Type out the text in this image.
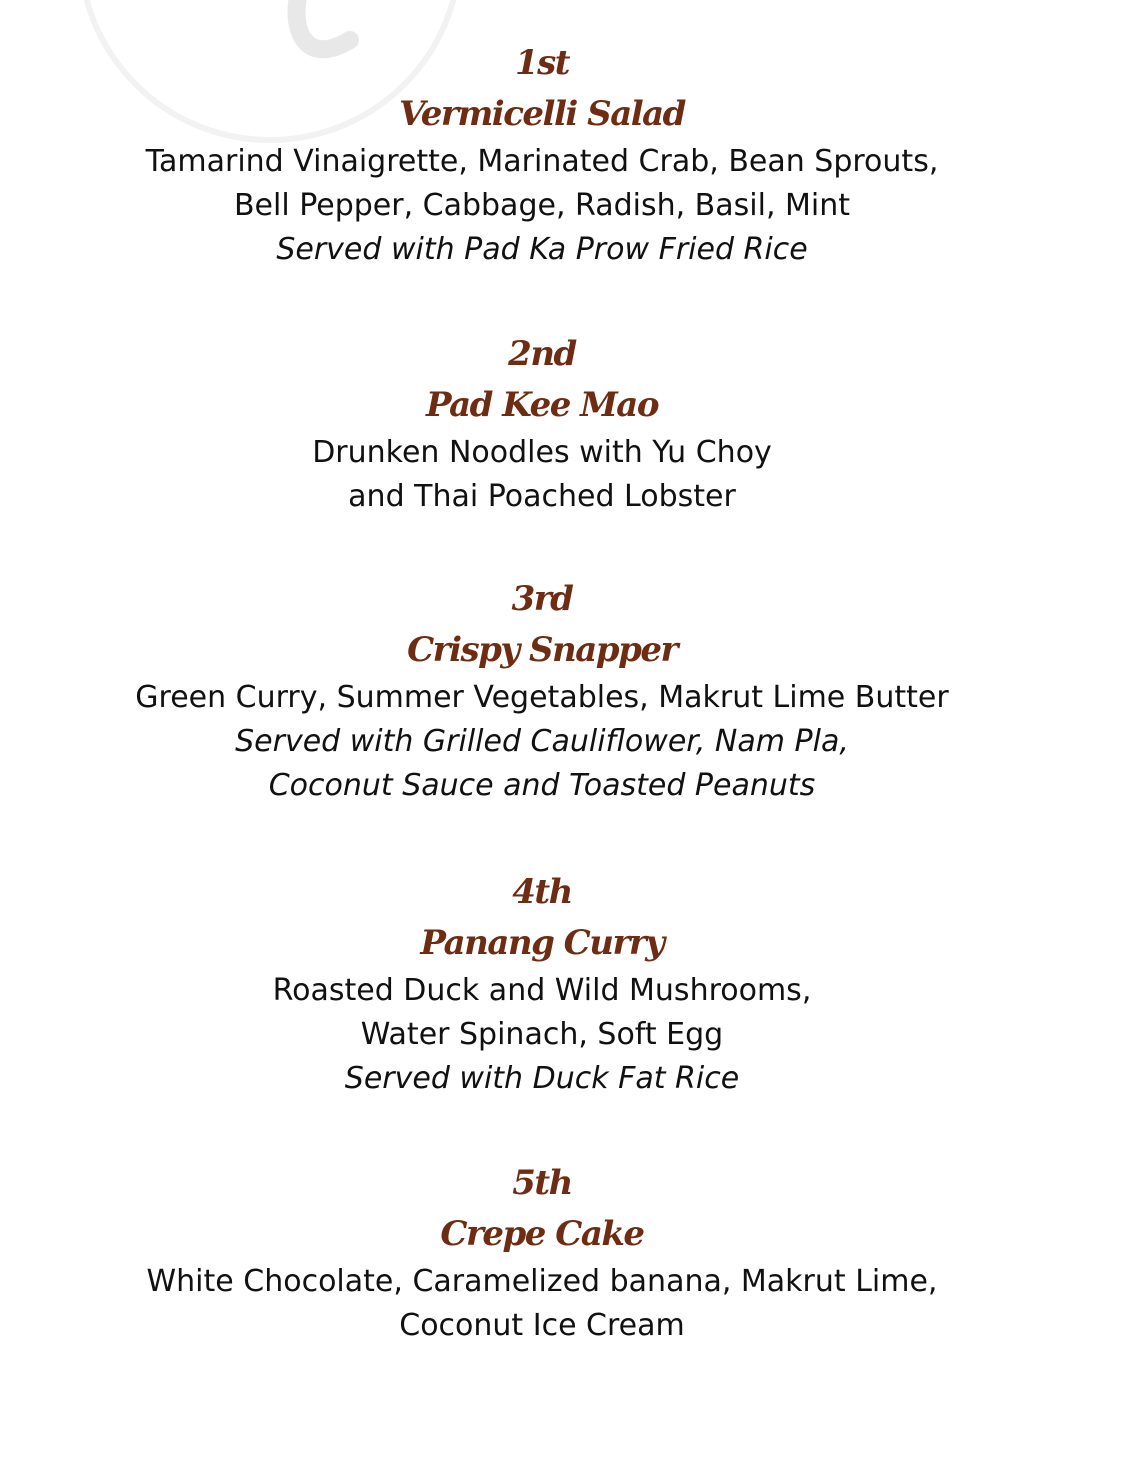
1st
Vermicelli Salad
Tamarind Vinaigrette, Marinated Crab, Bean Sprouts,
Bell Pepper, Cabbage, Radish, Basil, Mint
Served with Pad Ka Prow Fried Rice
2nd
Pad Kee Mao
Drunken Noodles with Yu Choy
and Thai Poached Lobster
3rd
Crispy Snapper
Green Curry, Summer Vegetables, Makrut Lime Butter
Served with Grilled Cauliflower, Nam Pla,
Coconut Sauce and Toasted Peanuts
4th
Panang Curry
Roasted Duck and Wild Mushrooms,
Water Spinach, Soft Egg
Served with Duck Fat Rice
5th
Crepe Cake
White Chocolate, Caramelized banana, Makrut Lime,
Coconut Ice Cream
